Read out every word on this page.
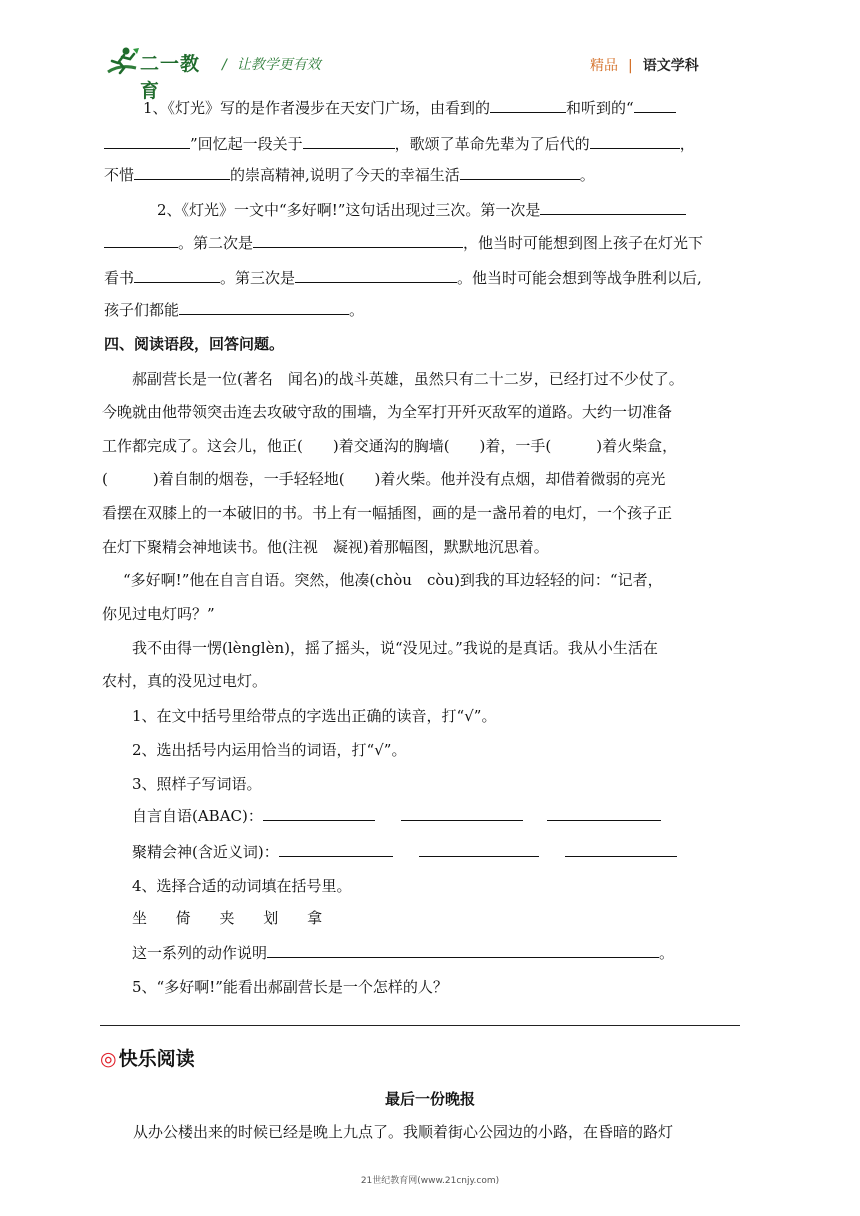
二一教育
/ 让教学更有效	精品 | 语文学科
1、《灯光》写的是作者漫步在天安门广场，由看到的	和听到的“
”回忆起一段关于	，歌颂了革命先辈为了后代的	，
不惜	的崇高精神,说明了今天的幸福生活	。
2、《灯光》一文中“多好啊!”这句话出现过三次。第一次是
。第二次是	，他当时可能想到图上孩子在灯光下
看书	。第三次是	。他当时可能会想到等战争胜利以后,
孩子们都能	。
四、阅读语段，回答问题。
郝副营长是一位(著名　闻名)的战斗英雄，虽然只有二十二岁，已经打过不少仗了。
今晚就由他带领突击连去攻破守敌的围墙，为全军打开歼灭敌军的道路。大约一切准备
工作都完成了。这会儿，他正(　　)着交通沟的胸墙(　　)着，一手(　　　)着火柴盒，
(　　　)着自制的烟卷，一手轻轻地(　　)着火柴。他并没有点烟，却借着微弱的亮光
看摆在双膝上的一本破旧的书。书上有一幅插图，画的是一盏吊着的电灯，一个孩子正
在灯下聚精会神地读书。他(注视　凝视)着那幅图，默默地沉思着。
“多好啊!”他在自言自语。突然，他凑(chòu　còu)到我的耳边轻轻的问：“记者，
你见过电灯吗？”
我不由得一愣(lènglèn)，摇了摇头，说“没见过。”我说的是真话。我从小生活在
农村，真的没见过电灯。
1、在文中括号里给带点的字选出正确的读音，打“√”。
2、选出括号内运用恰当的词语，打“√”。
3、照样子写词语。
自言自语(ABAC)：
聚精会神(含近义词)：
4、选择合适的动词填在括号里。
坐　 倚　 夹　 划　 拿
这一系列的动作说明	。
5、“多好啊!”能看出郝副营长是一个怎样的人？
◎ 快乐阅读
最后一份晚报
从办公楼出来的时候已经是晚上九点了。我顺着街心公园边的小路，在昏暗的路灯
21世纪教育网(www.21cnjy.com)
